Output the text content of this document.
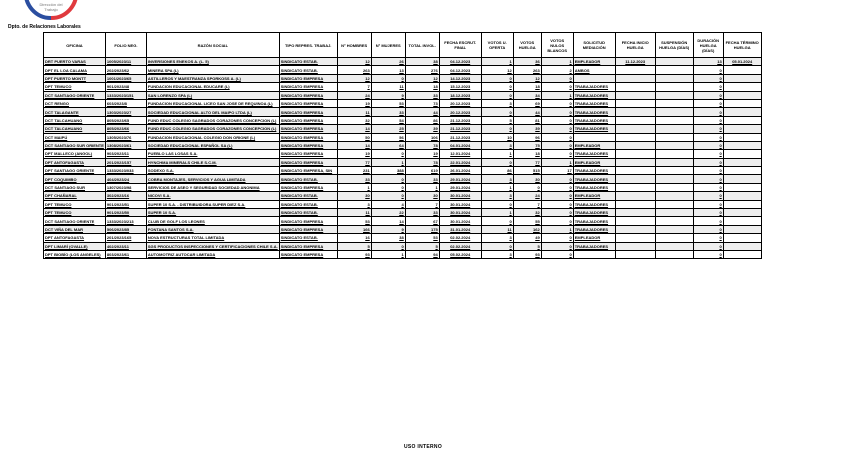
Dirección del
Trabajo
Dpto. de Relaciones Laborales
OFICINA	FOLIO NEG.	RAZÓN SOCIAL	TIPO REPRES. TRABAJ.	N° HOMBRES	N° MUJERES	TOTAL INVOL.	FECHA ESCRUT. FINAL	VOTOS U. OFERTA	VOTOS HUELGA	VOTOS NULOS BLANCOS	SOLICITUD MEDIACIÓN	FECHA INICIO HUELGA	SUSPENSIÓN HUELGA (DÍAS)	DURACIÓN HUELGA (DÍAS)	FECHA TÉRMINO HUELGA
DRT PUERTO VARAS	1005/2023/11	INVERSIONES ENEKOS A. (L. 5)	SINDICATO ESTAB.	12	26	38	04.12.2023	1	36	1	EMPLEADOR	11.12.2023		13	05.01.2024
DPT EL LOA CALAMA	202/2023/62	MINERA SPA (L)	SINDICATO ESTAB.	263	13	276	04.12.2023	12	263	2	AMBOS			0	
DPT PUERTO MONTT	1001/2023/65	ASTILLEROS Y MAESTRANZA SPORKOSS A. (L)	SINDICATO EMPRESA	12	0	12	14.12.2023	0	12	0				0	
DPT TEMUCO	901/2023/48	FUNDACION EDUCACIONAL EDUCARE (L)	SINDICATO EMPRESA	7	11	18	15.12.2023	0	18	0	TRABAJADORES			0	
DCT SANTIAGO ORIENTE	1333/2023/151	SAN LORENZO SPA (L)	SINDICATO EMPRESA	24	9	33	18.12.2023	0	34	1	TRABAJADORES			0	
DCT RENGO	603/2023/8	FUNDACION EDUCACIONAL LICEO SAN JOSE DE REQUINOA (L)	SINDICATO EMPRESA	19	53	73	20.12.2023	3	69	0	TRABAJADORES			0	
DCT TALAGANTE	1303/2023/27	SOCIEDAD EDUCACIONAL ALTO DEL MAIPO LTDA (L)	SINDICATO EMPRESA	11	33	44	20.12.2023	0	44	0	TRABAJADORES			0	
DCT TALCAHUANO	805/2023/65	FUND EDUC COLEGIO SAGRADOS CORAZONES CONCEPCION (L)	SINDICATO EMPRESA	32	54	86	21.12.2023	5	81	0	TRABAJADORES			0	
DCT TALCAHUANO	805/2023/66	FUND EDUC COLEGIO SAGRADOS CORAZONES CONCEPCION (L)	SINDICATO EMPRESA	14	25	39	21.12.2023	0	39	0	TRABAJADORES			0	
DCT MAIPÚ	1305/2023/76	FUNDACION EDUCACIONAL COLEGIO DON ORIONE (L)	SINDICATO EMPRESA	50	56	106	21.12.2023	10	96	0				0	
DCT SANTIAGO SUR ORIENTE	1308/2023/61	SOCIEDAD EDUCACIONAL ESPAÑOL SA (L)	SINDICATO EMPRESA	14	64	78	04.01.2024	3	75	0	EMPLEADOR			0	
DPT MALLECO (ANGOL)	903/2023/11	PUEBLO LAS LOSAS S.A.	SINDICATO EMPRESA	19	0	19	12.01.2024	1	18	0	TRABAJADORES			0	
DPT ANTOFAGASTA	201/2023/157	HYNCHMA MINERALS CHILE S.C.M.	SINDICATO EMPRESA	77	1	78	22.01.2024	0	77	1	EMPLEADOR			0	
DPT SANTIAGO ORIENTE	1333/2023/033	SODEXO S.A.	SINDICATO EMPRESA, SIN	231	388	619	26.01.2024	86	515	17	TRABAJADORES			0	
DPT COQUIMBO	404/2023/24	COBRA MONTAJES, SERVICIOS Y AGUA LIMITADA	SINDICATO ESTAB.	33	0	33	29.01.2024	3	30	0	TRABAJADORES			0	
DCT SANTIAGO SUR	1307/2023/98	SERVICIOS DE ASEO Y SEGURIDAD SOCIEDAD ANONIMA	SINDICATO EMPRESA	1	0	1	29.01.2024	1	0	0	TRABAJADORES			0	
DPT CHAÑARAL	302/2023/16	NICOVI S.A.	SINDICATO ESTAB.	30	0	30	30.01.2024	3	24	0	EMPLEADOR			0	
DPT TEMUCO	901/2023/51	SUPER 10 S.A. - DISTRIBUIDORA SUPER DIEZ S.A.	SINDICATO ESTAB.	3	4	7	30.01.2024	0	7	0	TRABAJADORES			0	
DPT TEMUCO	901/2023/50	SUPER 10 S.A.	SINDICATO ESTAB.	11	22	33	30.01.2024	1	32	0	TRABAJADORES			0	
DCT SANTIAGO ORIENTE	1333/2023/213	CLUB DE GOLF LOS LEONES	SINDICATO EMPRESA	53	14	67	30.01.2024	0	55	0	TRABAJADORES			0	
DCT VIÑA DEL MAR	506/2023/85	FONTANA SANTOS S.A.	SINDICATO EMPRESA	166	9	175	31.01.2024	11	162	1	TRABAJADORES			0	
DPT ANTOFAGASTA	201/2023/165	NOVA ESTRUCTURAS TOTAL LIMITADA	SINDICATO ESTAB.	16	38	53	02.02.2024	3	49	0	EMPLEADOR			0	
DPT LIMARÍ (OVALLE)	402/2023/11	SGS PRODUCTOS INSPECCIONES Y CERTIFICACIONES CHILE S.A.	SINDICATO EMPRESA	5	0	5	02.02.2024	0	5	0	TRABAJADORES			0	
DPT BIOBÍO (LOS ANGELES)	803/2023/61	AUTOMOTRIZ AUTOCAR LIMITADA	SINDICATO EMPRESA	93	1	94	05.02.2024	3	93	0				0	
USO INTERNO
